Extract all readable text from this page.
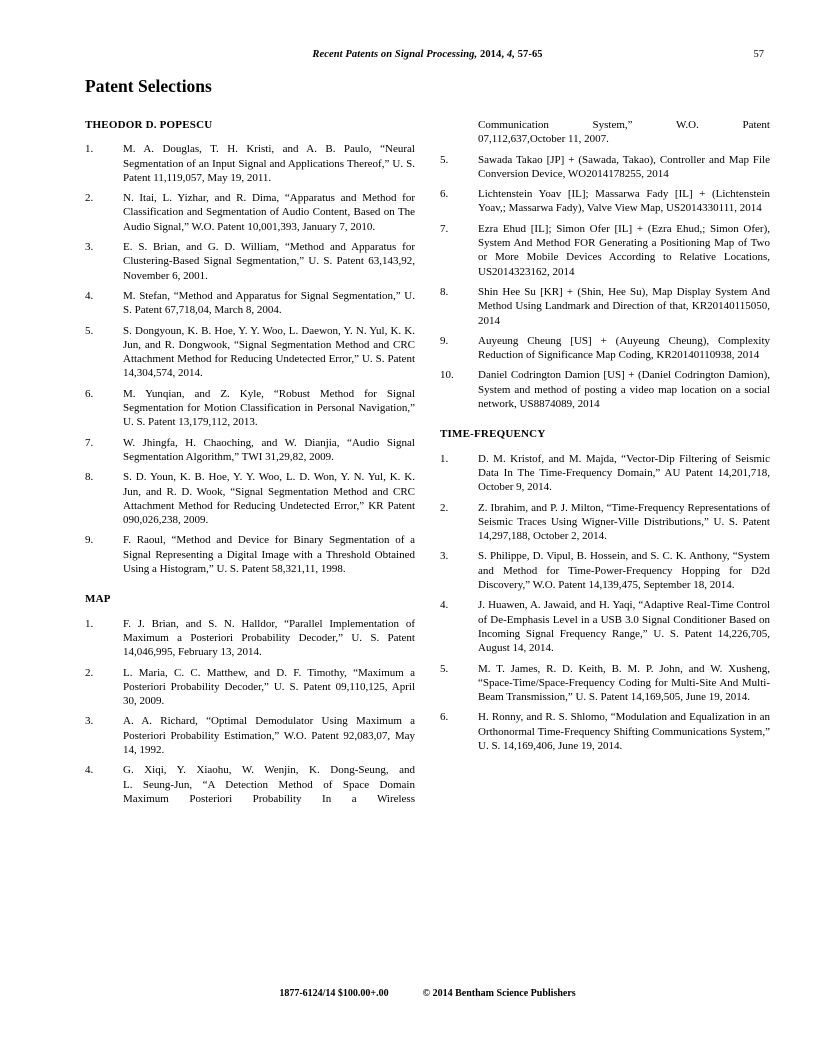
Recent Patents on Signal Processing, 2014, 4, 57-65	57
Patent Selections
THEODOR D. POPESCU
1.	M. A. Douglas, T. H. Kristi, and A. B. Paulo, “Neural Segmentation of an Input Signal and Applications Thereof,” U. S. Patent 11,119,057, May 19, 2011.
2.	N. Itai, L. Yizhar, and R. Dima, “Apparatus and Method for Classification and Segmentation of Audio Content, Based on The Audio Signal,” W.O. Patent 10,001,393, January 7, 2010.
3.	E. S. Brian, and G. D. William, “Method and Apparatus for Clustering-Based Signal Segmentation,” U. S. Patent 63,143,92, November 6, 2001.
4.	M. Stefan, “Method and Apparatus for Signal Segmentation,” U. S. Patent 67,718,04, March 8, 2004.
5.	S. Dongyoun, K. B. Hoe, Y. Y. Woo, L. Daewon, Y. N. Yul, K. K. Jun, and R. Dongwook, “Signal Segmentation Method and CRC Attachment Method for Reducing Undetected Error,” U. S. Patent 14,304,574, 2014.
6.	M. Yunqian, and Z. Kyle, “Robust Method for Signal Segmentation for Motion Classification in Personal Navigation,” U. S. Patent 13,179,112, 2013.
7.	W. Jhingfa, H. Chaoching, and W. Dianjia, “Audio Signal Segmentation Algorithm,” TWI 31,29,82, 2009.
8.	S. D. Youn, K. B. Hoe, Y. Y. Woo, L. D. Won, Y. N. Yul, K. K. Jun, and R. D. Wook, “Signal Segmentation Method and CRC Attachment Method for Reducing Undetected Error,” KR Patent 090,026,238, 2009.
9.	F. Raoul, “Method and Device for Binary Segmentation of a Signal Representing a Digital Image with a Threshold Obtained Using a Histogram,” U. S. Patent 58,321,11, 1998.
MAP
1.	F. J. Brian, and S. N. Halldor, “Parallel Implementation of Maximum a Posteriori Probability Decoder,” U. S. Patent 14,046,995, February 13, 2014.
2.	L. Maria, C. C. Matthew, and D. F. Timothy, “Maximum a Posteriori Probability Decoder,” U. S. Patent 09,110,125, April 30, 2009.
3.	A. A. Richard, “Optimal Demodulator Using Maximum a Posteriori Probability Estimation,” W.O. Patent 92,083,07, May 14, 1992.
4.	G. Xiqi, Y. Xiaohu, W. Wenjin, K. Dong-Seung, and
L. Seung-Jun, “A Detection Method of Space Domain
Maximum Posteriori Probability In a Wireless
Communication System,” W.O. Patent
07,112,637,October 11, 2007.
5.	Sawada Takao [JP] + (Sawada, Takao), Controller and Map File Conversion Device, WO2014178255, 2014
6.	Lichtenstein Yoav [IL]; Massarwa Fady [IL] + (Lichtenstein Yoav,; Massarwa Fady), Valve View Map, US2014330111, 2014
7.	Ezra Ehud [IL]; Simon Ofer [IL] + (Ezra Ehud,; Simon Ofer), System And Method FOR Generating a Positioning Map of Two or More Mobile Devices According to Relative Locations, US2014323162, 2014
8.	Shin Hee Su [KR] + (Shin, Hee Su), Map Display System And Method Using Landmark and Direction of that, KR20140115050, 2014
9.	Auyeung Cheung [US] + (Auyeung Cheung), Complexity Reduction of Significance Map Coding, KR20140110938, 2014
10.	Daniel Codrington Damion [US] + (Daniel Codrington Damion), System and method of posting a video map location on a social network, US8874089, 2014
TIME-FREQUENCY
1.	D. M. Kristof, and M. Majda, “Vector-Dip Filtering of Seismic Data In The Time-Frequency Domain,” AU Patent 14,201,718, October 9, 2014.
2.	Z. Ibrahim, and P. J. Milton, “Time-Frequency Representations of Seismic Traces Using Wigner-Ville Distributions,” U. S. Patent 14,297,188, October 2, 2014.
3.	S. Philippe, D. Vipul, B. Hossein, and S. C. K. Anthony, “System and Method for Time-Power-Frequency Hopping for D2d Discovery,” W.O. Patent 14,139,475, September 18, 2014.
4.	J. Huawen, A. Jawaid, and H. Yaqi, “Adaptive Real-Time Control of De-Emphasis Level in a USB 3.0 Signal Conditioner Based on Incoming Signal Frequency Range,” U. S. Patent 14,226,705, August 14, 2014.
5.	M. T. James, R. D. Keith, B. M. P. John, and W. Xusheng, “Space-Time/Space-Frequency Coding for Multi-Site And Multi-Beam Transmission,” U. S. Patent 14,169,505, June 19, 2014.
6.	H. Ronny, and R. S. Shlomo, “Modulation and Equalization in an Orthonormal Time-Frequency Shifting Communications System,” U. S. 14,169,406, June 19, 2014.
1877-6124/14 $100.00+.00	© 2014 Bentham Science Publishers
